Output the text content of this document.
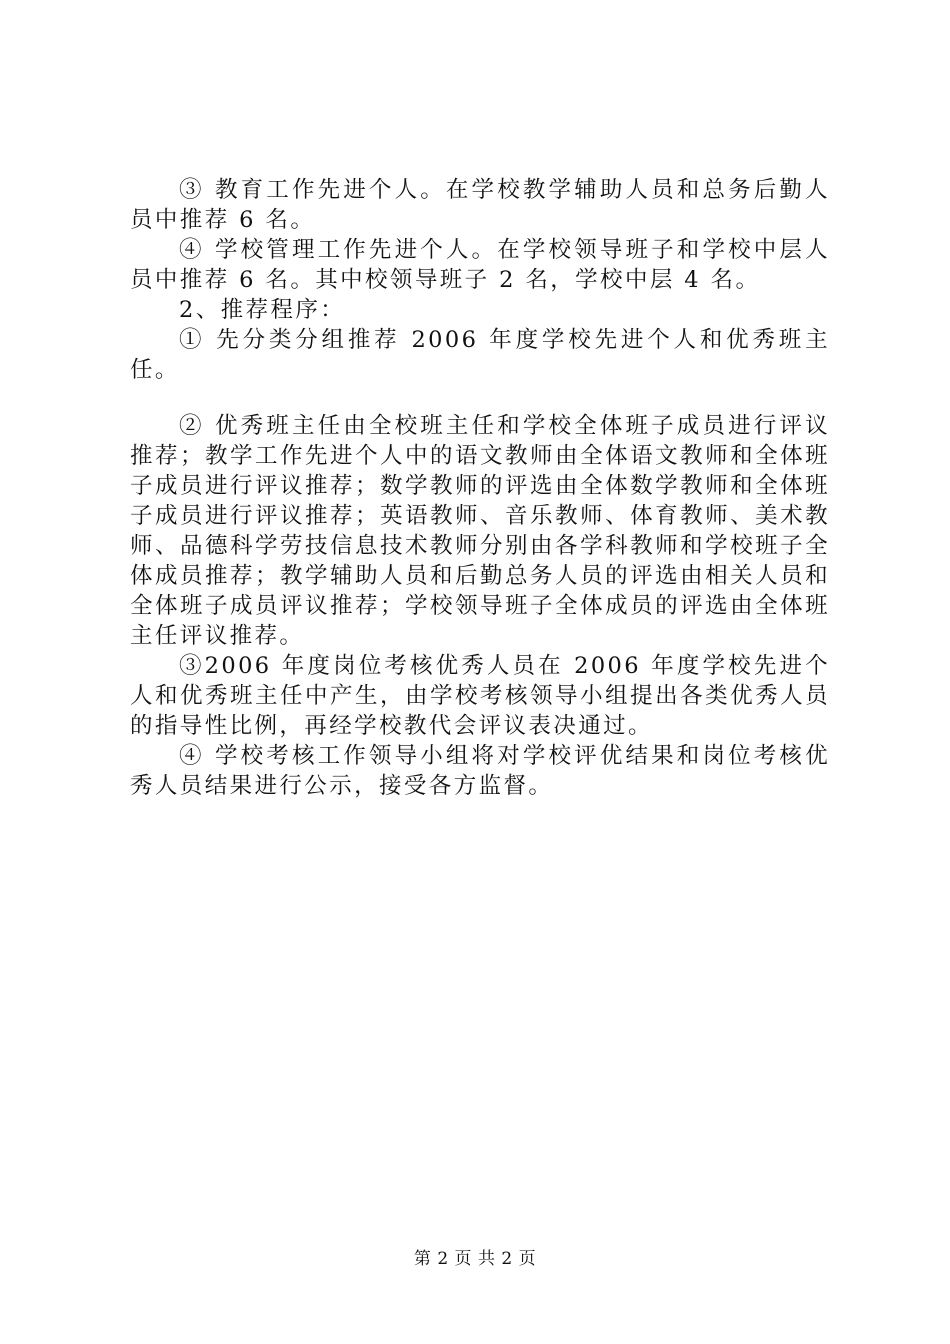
③ 教育工作先进个人。在学校教学辅助人员和总务后勤人员中推荐 6 名。

④ 学校管理工作先进个人。在学校领导班子和学校中层人员中推荐 6 名。其中校领导班子 2 名，学校中层 4 名。

2、推荐程序：

① 先分类分组推荐 2006 年度学校先进个人和优秀班主任。

② 优秀班主任由全校班主任和学校全体班子成员进行评议推荐；教学工作先进个人中的语文教师由全体语文教师和全体班子成员进行评议推荐；数学教师的评选由全体数学教师和全体班子成员进行评议推荐；英语教师、音乐教师、体育教师、美术教师、品德科学劳技信息技术教师分别由各学科教师和学校班子全体成员推荐；教学辅助人员和后勤总务人员的评选由相关人员和全体班子成员评议推荐；学校领导班子全体成员的评选由全体班主任评议推荐。

③2006 年度岗位考核优秀人员在 2006 年度学校先进个人和优秀班主任中产生，由学校考核领导小组提出各类优秀人员的指导性比例，再经学校教代会评议表决通过。

④ 学校考核工作领导小组将对学校评优结果和岗位考核优秀人员结果进行公示，接受各方监督。

第 2 页 共 2 页
